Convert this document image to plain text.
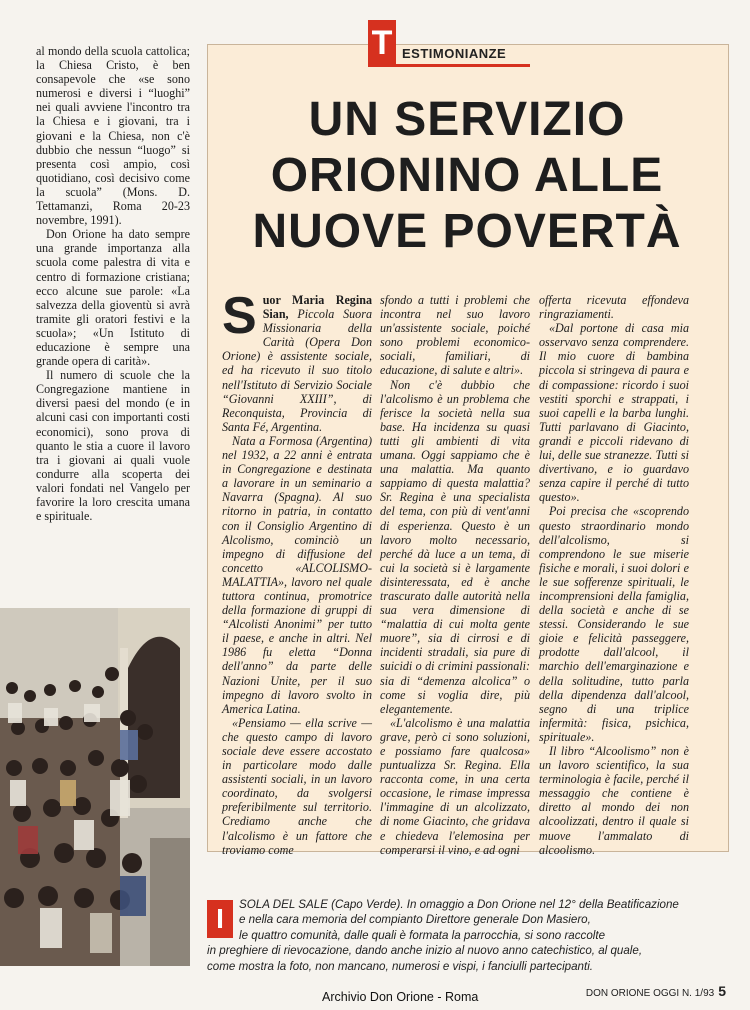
al mondo della scuola cattolica; la Chiesa Cristo, è ben consapevole che «se sono numerosi e diversi i “luoghi” nei quali avviene l'incontro tra la Chiesa e i giovani, tra i giovani e la Chiesa, non c'è dubbio che nessun “luogo” si presenta così ampio, così quotidiano, così decisivo come la scuola” (Mons. D. Tettamanzi, Roma 20-23 novembre, 1991).

Don Orione ha dato sempre una grande importanza alla scuola come palestra di vita e centro di formazione cristiana; ecco alcune sue parole: «La salvezza della gioventù si avrà tramite gli oratori festivi e la scuola»; «Un Istituto di educazione è sempre una grande opera di carità».

Il numero di scuole che la Congregazione mantiene in diversi paesi del mondo (e in alcuni casi con importanti costi economici), sono prova di quanto le stia a cuore il lavoro tra i giovani ai quali vuole condurre alla scoperta dei valori fondati nel Vangelo per favorire la loro crescita umana e spirituale.

T ESTIMONIANZE
UN SERVIZIO
ORIONINO ALLE
NUOVE POVERTÀ

Suor Maria Regina Sian, Piccola Suora Missionaria della Carità (Opera Don Orione) è assistente sociale, ed ha ricevuto il suo titolo nell'Istituto di Servizio Sociale “Giovanni XXIII”, di Reconquista, Provincia di Santa Fé, Argentina.

Nata a Formosa (Argentina) nel 1932, a 22 anni è entrata in Congregazione e destinata a lavorare in un seminario a Navarra (Spagna). Al suo ritorno in patria, in contatto con il Consiglio Argentino di Alcolismo, cominciò un impegno di diffusione del concetto «ALCOLISMO-MALATTIA», lavoro nel quale tuttora continua, promotrice della formazione di gruppi di “Alcolisti Anonimi” per tutto il paese, e anche in altri. Nel 1986 fu eletta “Donna dell'anno” da parte delle Nazioni Unite, per il suo impegno di lavoro svolto in America Latina.

«Pensiamo — ella scrive — che questo campo di lavoro sociale deve essere accostato in particolare modo dalle assistenti sociali, in un lavoro coordinato, da svolgersi preferibilmente sul territorio. Crediamo anche che l'alcolismo è un fattore che troviamo come

sfondo a tutti i problemi che incontra nel suo lavoro un'assistente sociale, poiché sono problemi economico-sociali, familiari, di educazione, di salute e altri».

Non c'è dubbio che l'alcolismo è un problema che ferisce la società nella sua base. Ha incidenza su quasi tutti gli ambienti di vita umana. Oggi sappiamo che è una malattia. Ma quanto sappiamo di questa malattia? Sr. Regina è una specialista del tema, con più di vent'anni di esperienza. Questo è un lavoro molto necessario, perché dà luce a un tema, di cui la società si è largamente disinteressata, ed è anche trascurato dalle autorità nella sua vera dimensione di “malattia di cui molta gente muore”, sia di cirrosi e di incidenti stradali, sia pure di suicidi o di crimini passionali: sia di “demenza alcolica” o come si voglia dire, più elegantemente.

«L'alcolismo è una malattia grave, però ci sono soluzioni, e possiamo fare qualcosa» puntualizza Sr. Regina. Ella racconta come, in una certa occasione, le rimase impressa l'immagine di un alcolizzato, di nome Giacinto, che gridava e chiedeva l'elemosina per comperarsi il vino, e ad ogni

offerta ricevuta effondeva ringraziamenti.

«Dal portone di casa mia osservavo senza comprendere. Il mio cuore di bambina piccola si stringeva di paura e di compassione: ricordo i suoi vestiti sporchi e strappati, i suoi capelli e la barba lunghi. Tutti parlavano di Giacinto, grandi e piccoli ridevano di lui, delle sue stranezze. Tutti si divertivano, e io guardavo senza capire il perché di tutto questo».

Poi precisa che «scoprendo questo straordinario mondo dell'alcolismo, si comprendono le sue miserie fisiche e morali, i suoi dolori e le sue sofferenze spirituali, le incomprensioni della famiglia, della società e anche di se stessi. Considerando le sue gioie e felicità passeggere, prodotte dall'alcool, il marchio dell'emarginazione e della solitudine, tutto parla della dipendenza dall'alcool, segno di una triplice infermità: fisica, psichica, spirituale».

Il libro “Alcoolismo” non è un lavoro scientifico, la sua terminologia è facile, perché il messaggio che contiene è diretto al mondo dei non alcoolizzati, dentro il quale si muove l'ammalato di alcoolismo.

I	SOLA DEL SALE (Capo Verde). In omaggio a Don Orione nel 12° della Beatificazione
e nella cara memoria del compianto Direttore generale Don Masiero,
le quattro comunità, dalle quali è formata la parrocchia, si sono raccolte
in preghiere di rievocazione, dando anche inizio al nuovo anno catechistico, al quale,
come mostra la foto, non mancano, numerosi e vispi, i fanciulli partecipanti.
DON ORIONE OGGI N. 1/93 5
Archivio Don Orione - Roma
